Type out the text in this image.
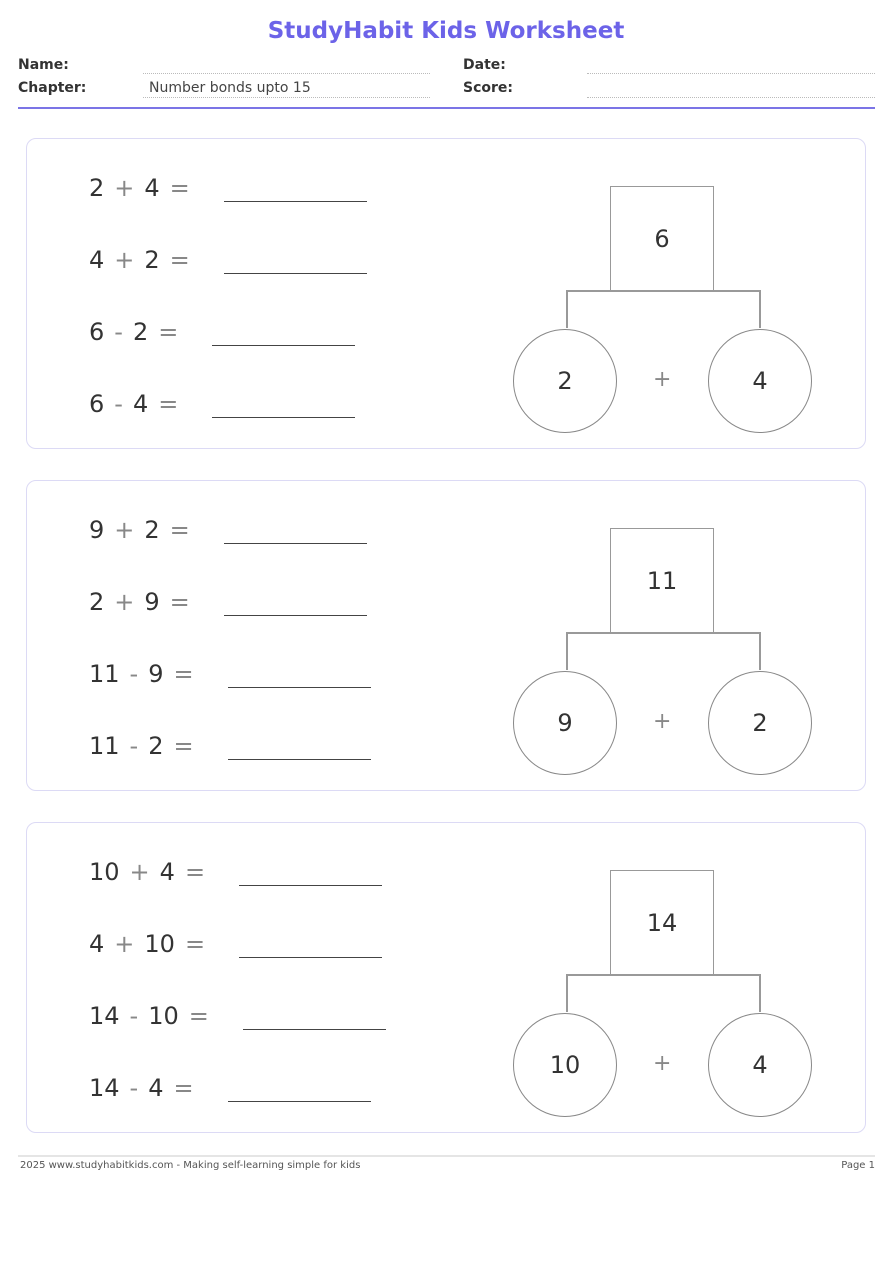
StudyHabit Kids Worksheet
Name:	Date:
Chapter:	Number bonds upto 15	Score:
2 + 4 =
4 + 2 =
6 - 2 =
6 - 4 =
6
2	+	4
9 + 2 =
2 + 9 =
11 - 9 =
11 - 2 =
11
9	+	2
10 + 4 =
4 + 10 =
14 - 10 =
14 - 4 =
14
10	+	4
2025 www.studyhabitkids.com - Making self-learning simple for kids	Page 1
